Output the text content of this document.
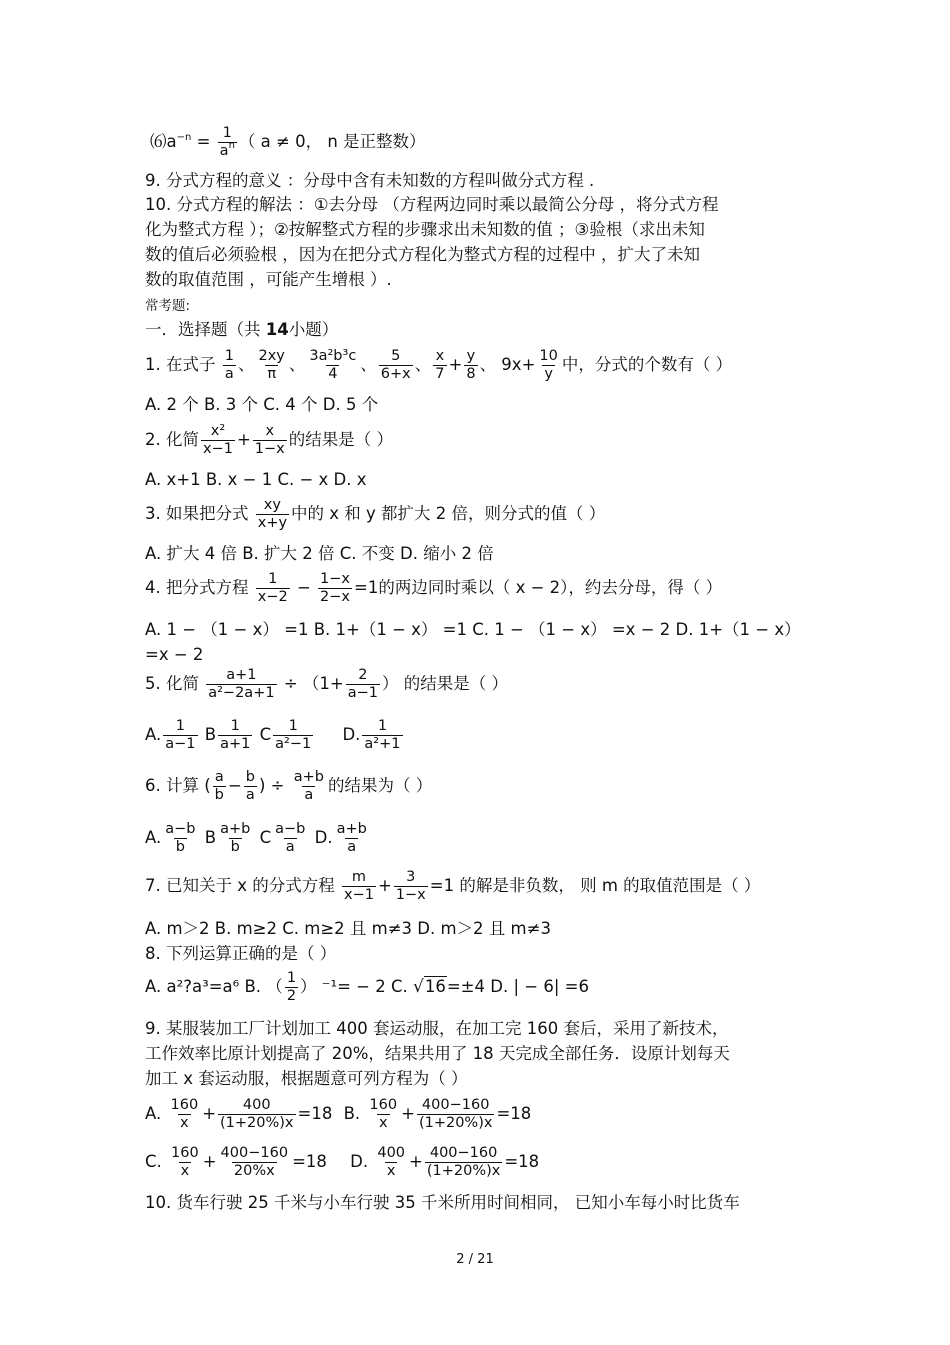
$⑹a^{-n} = \frac{1}{a^n}$ （ a ≠ 0， n 是正整数）
9. 分式方程的意义 ：分母中含有未知数的方程叫做分式方程 .
10. 分式方程的解法 ：①去分母 （方程两边同时乘以最简公分母 ，将分式方程
化为整式方程 ）；②按解整式方程的步骤求出未知数的值 ；③验根（求出未知
数的值后必须验根 ，因为在把分式方程化为整式方程的过程中 ，扩大了未知
数的取值范围 ，可能产生增根 ）.
常考题:
一．选择题（共 14小题）
1. 在式子 $\frac{1}{a}$ 、 $\frac{2xy}{\pi}$ 、 $\frac{\text{3a²b³c}}{4}$ 、 $\frac{5}{6+x}$ 、 $\frac{x}{7} + \frac{y}{8}$ 、 $9x+ \frac{10}{y}$ 中，分式的个数有（ ）
A. 2 个 B. 3 个 C. 4 个 D. 5 个
2. 化简 $\frac{\text{x²}}{x-1} + \frac{x}{1-x}$ 的结果是（ ）
A. x+1 B. x − 1 C. − x D. x
3. 如果把分式 $\frac{xy}{x+y}$ 中的 x 和 y 都扩大 2 倍，则分式的值（ ）
A. 扩大 4 倍 B. 扩大 2 倍 C. 不变 D. 缩小 2 倍
4. 把分式方程 $\frac{1}{x-2} - \frac{1-x}{2-x} =1$的两边同时乘以（ x − 2），约去分母，得（ ）
A. 1 − （1 − x） =1 B. 1+（1 − x） =1 C. 1 − （1 − x） =x − 2 D. 1+（1 − x）
=x − 2
5. 化简 $\frac{a+1}{\text{a²−2a+1}} \div (1+ \frac{2}{a-1}$ ） 的结果是（ ）
A. $\frac{1}{a-1}$ B $\frac{1}{a+1}$ C $\frac{1}{\text{a²−1}} D$. $\frac{1}{\text{a²+1}}$
6. 计算 ( $\frac{a}{b} - \frac{b}{a}$ ) ÷ $\frac{a+b}{a}$ 的结果为（ ）
A. $\frac{a-b}{b}$ B $\frac{a+b}{b}$ C $\frac{a-b}{a} D$. $\frac{a+b}{a}$
7. 已知关于 x 的分式方程 $\frac{m}{x-1} + \frac{3}{1-x} =1$ 的解是非负数， 则 m 的取值范围是（ ）
A. m＞2 B. m≥2 C. m≥2 且 m≠3 D. m＞2 且 m≠3
8. 下列运算正确的是（ ）
A. a²?a³=a⁶ B. （ $\frac{1}{2}$ ） ⁻¹= − 2 C. √16=±4 D. | − 6| =6
9. 某服装加工厂计划加工 400 套运动服，在加工完 160 套后，采用了新技术，
工作效率比原计划提高了 20%，结果共用了 18 天完成全部任务．设原计划每天
加工 x 套运动服，根据题意可列方程为（ ）
A. $\frac{160}{x} + \frac{400}{(1+20\%)x} =18$ B. $\frac{160}{x} + \frac{400-160}{(1+20\%)x} =18$
C. $\frac{160}{x} + \frac{400-160}{20\%x} =18$ D. $\frac{400}{x} + \frac{400-160}{(1+20\%)x} =18$
10. 货车行驶 25 千米与小车行驶 35 千米所用时间相同， 已知小车每小时比货车
2 / 21
